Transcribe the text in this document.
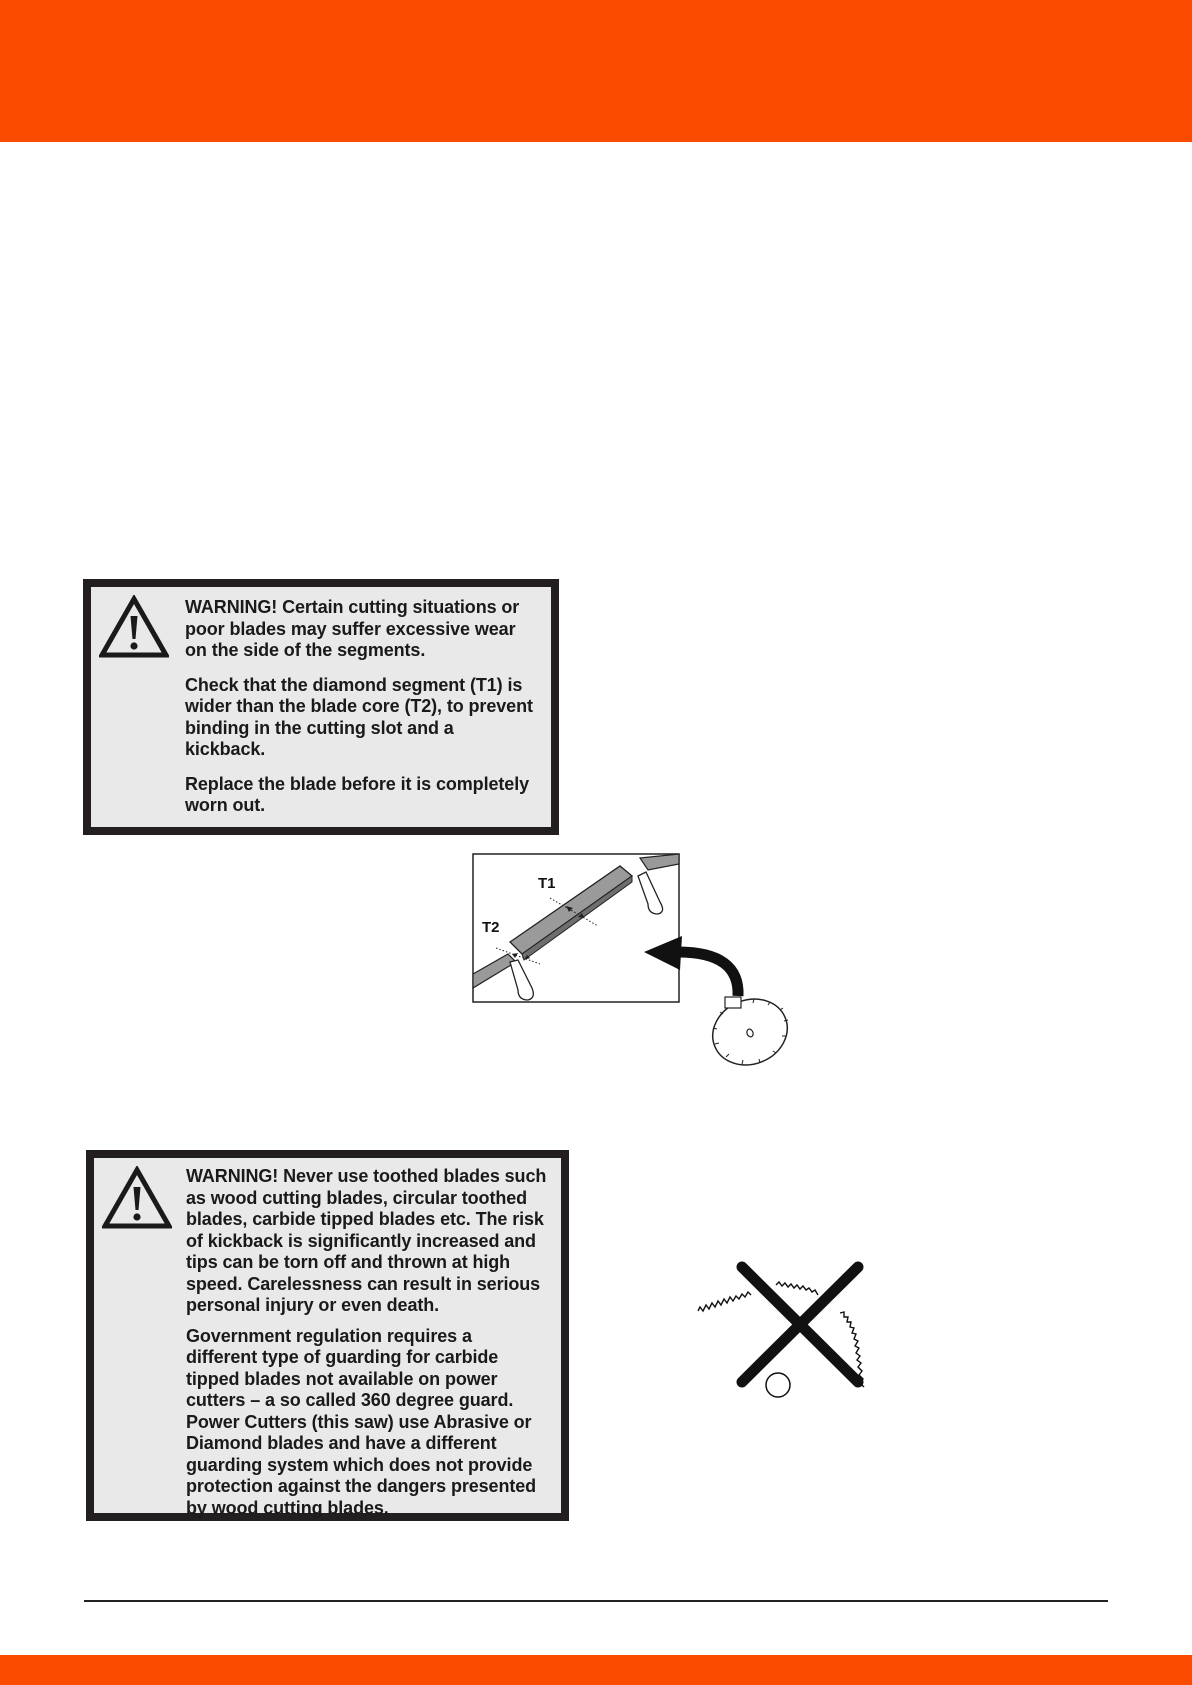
WARNING! Certain cutting situations or
poor blades may suffer excessive wear
on the side of the segments.

Check that the diamond segment (T1) is
wider than the blade core (T2), to prevent
binding in the cutting slot and a
kickback.

Replace the blade before it is completely
worn out.

T1
T2

WARNING! Never use toothed blades such
as wood cutting blades, circular toothed
blades, carbide tipped blades etc. The risk
of kickback is significantly increased and
tips can be torn off and thrown at high
speed. Carelessness can result in serious
personal injury or even death.

Government regulation requires a
different type of guarding for carbide
tipped blades not available on power
cutters – a so called 360 degree guard.
Power Cutters (this saw) use Abrasive or
Diamond blades and have a different
guarding system which does not provide
protection against the dangers presented
by wood cutting blades.
